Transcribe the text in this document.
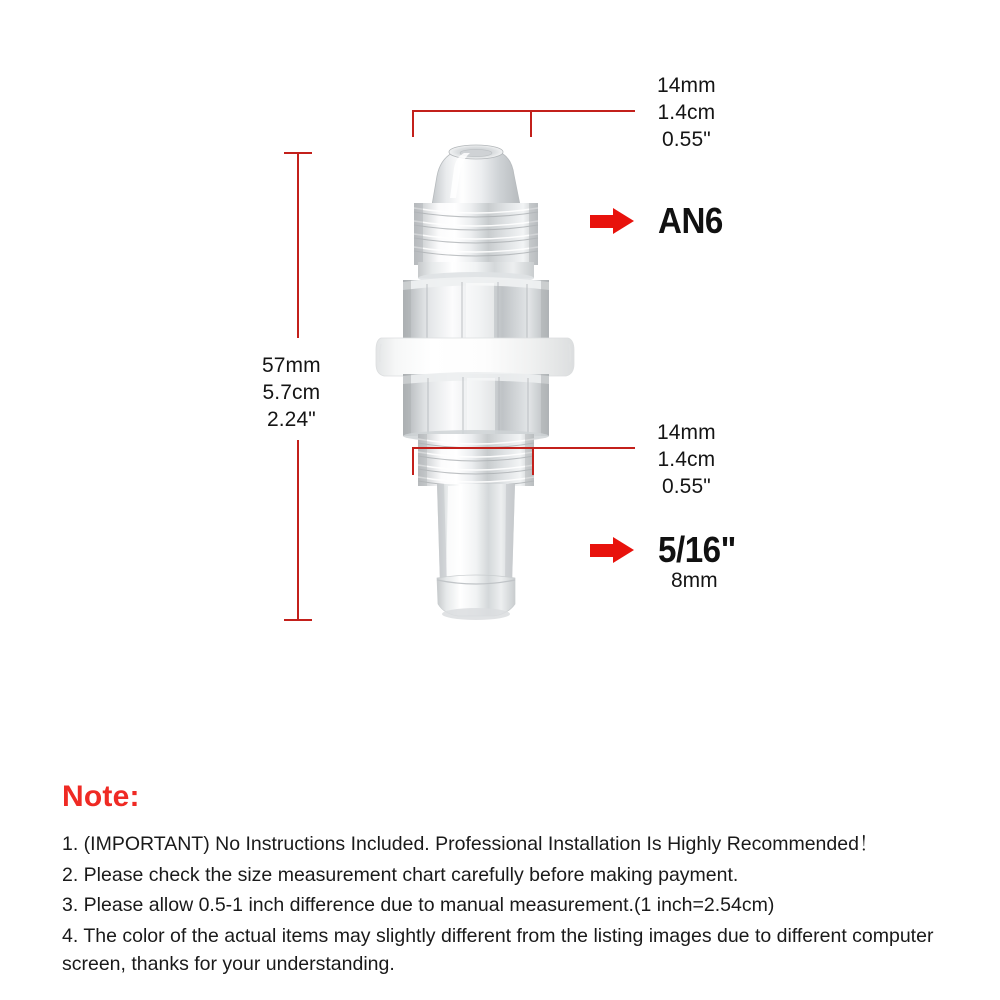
14mm
1.4cm
0.55"
57mm
5.7cm
2.24"
14mm
1.4cm
0.55"
AN6
5/16"
8mm
Note:

1. (IMPORTANT) No Instructions Included. Professional Installation Is Highly Recommended！

2. Please check the size measurement chart carefully before making payment.

3. Please allow 0.5-1 inch difference due to manual measurement.(1 inch=2.54cm)

4. The color of the actual items may slightly different from the listing images due to different computer screen, thanks for your understanding.
